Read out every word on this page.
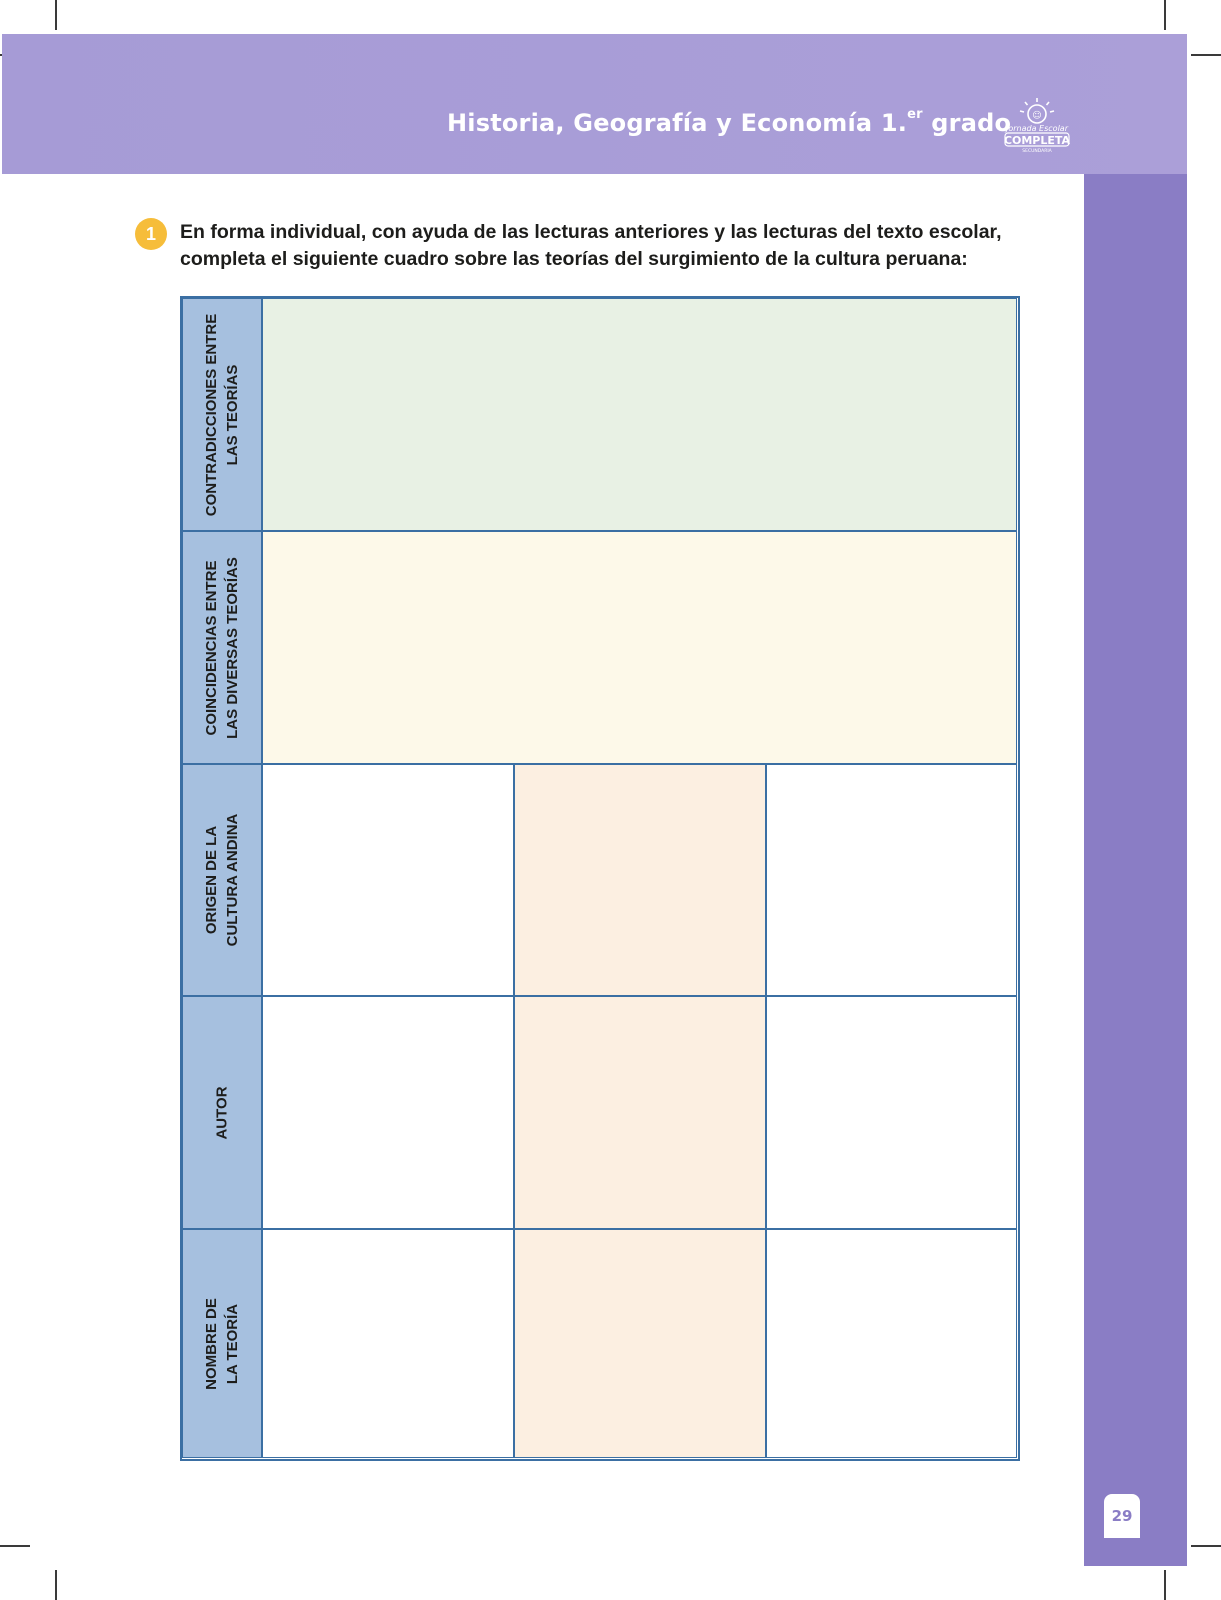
Historia, Geografía y Economía 1.$^{er}$ grado ☺
Jornada Escolar
COMPLETA
SECUNDARIA
29
1	En forma individual, con ayuda de las lecturas anteriores y las lecturas del texto escolar, completa el siguiente cuadro sobre las teorías del surgimiento de la cultura peruana:
CONTRADICCIONES ENTRE LAS TEORÍAS
COINCIDENCIAS ENTRE LAS DIVERSAS TEORÍAS
ORIGEN DE LA CULTURA ANDINA
AUTOR
NOMBRE DE LA TEORÍA
